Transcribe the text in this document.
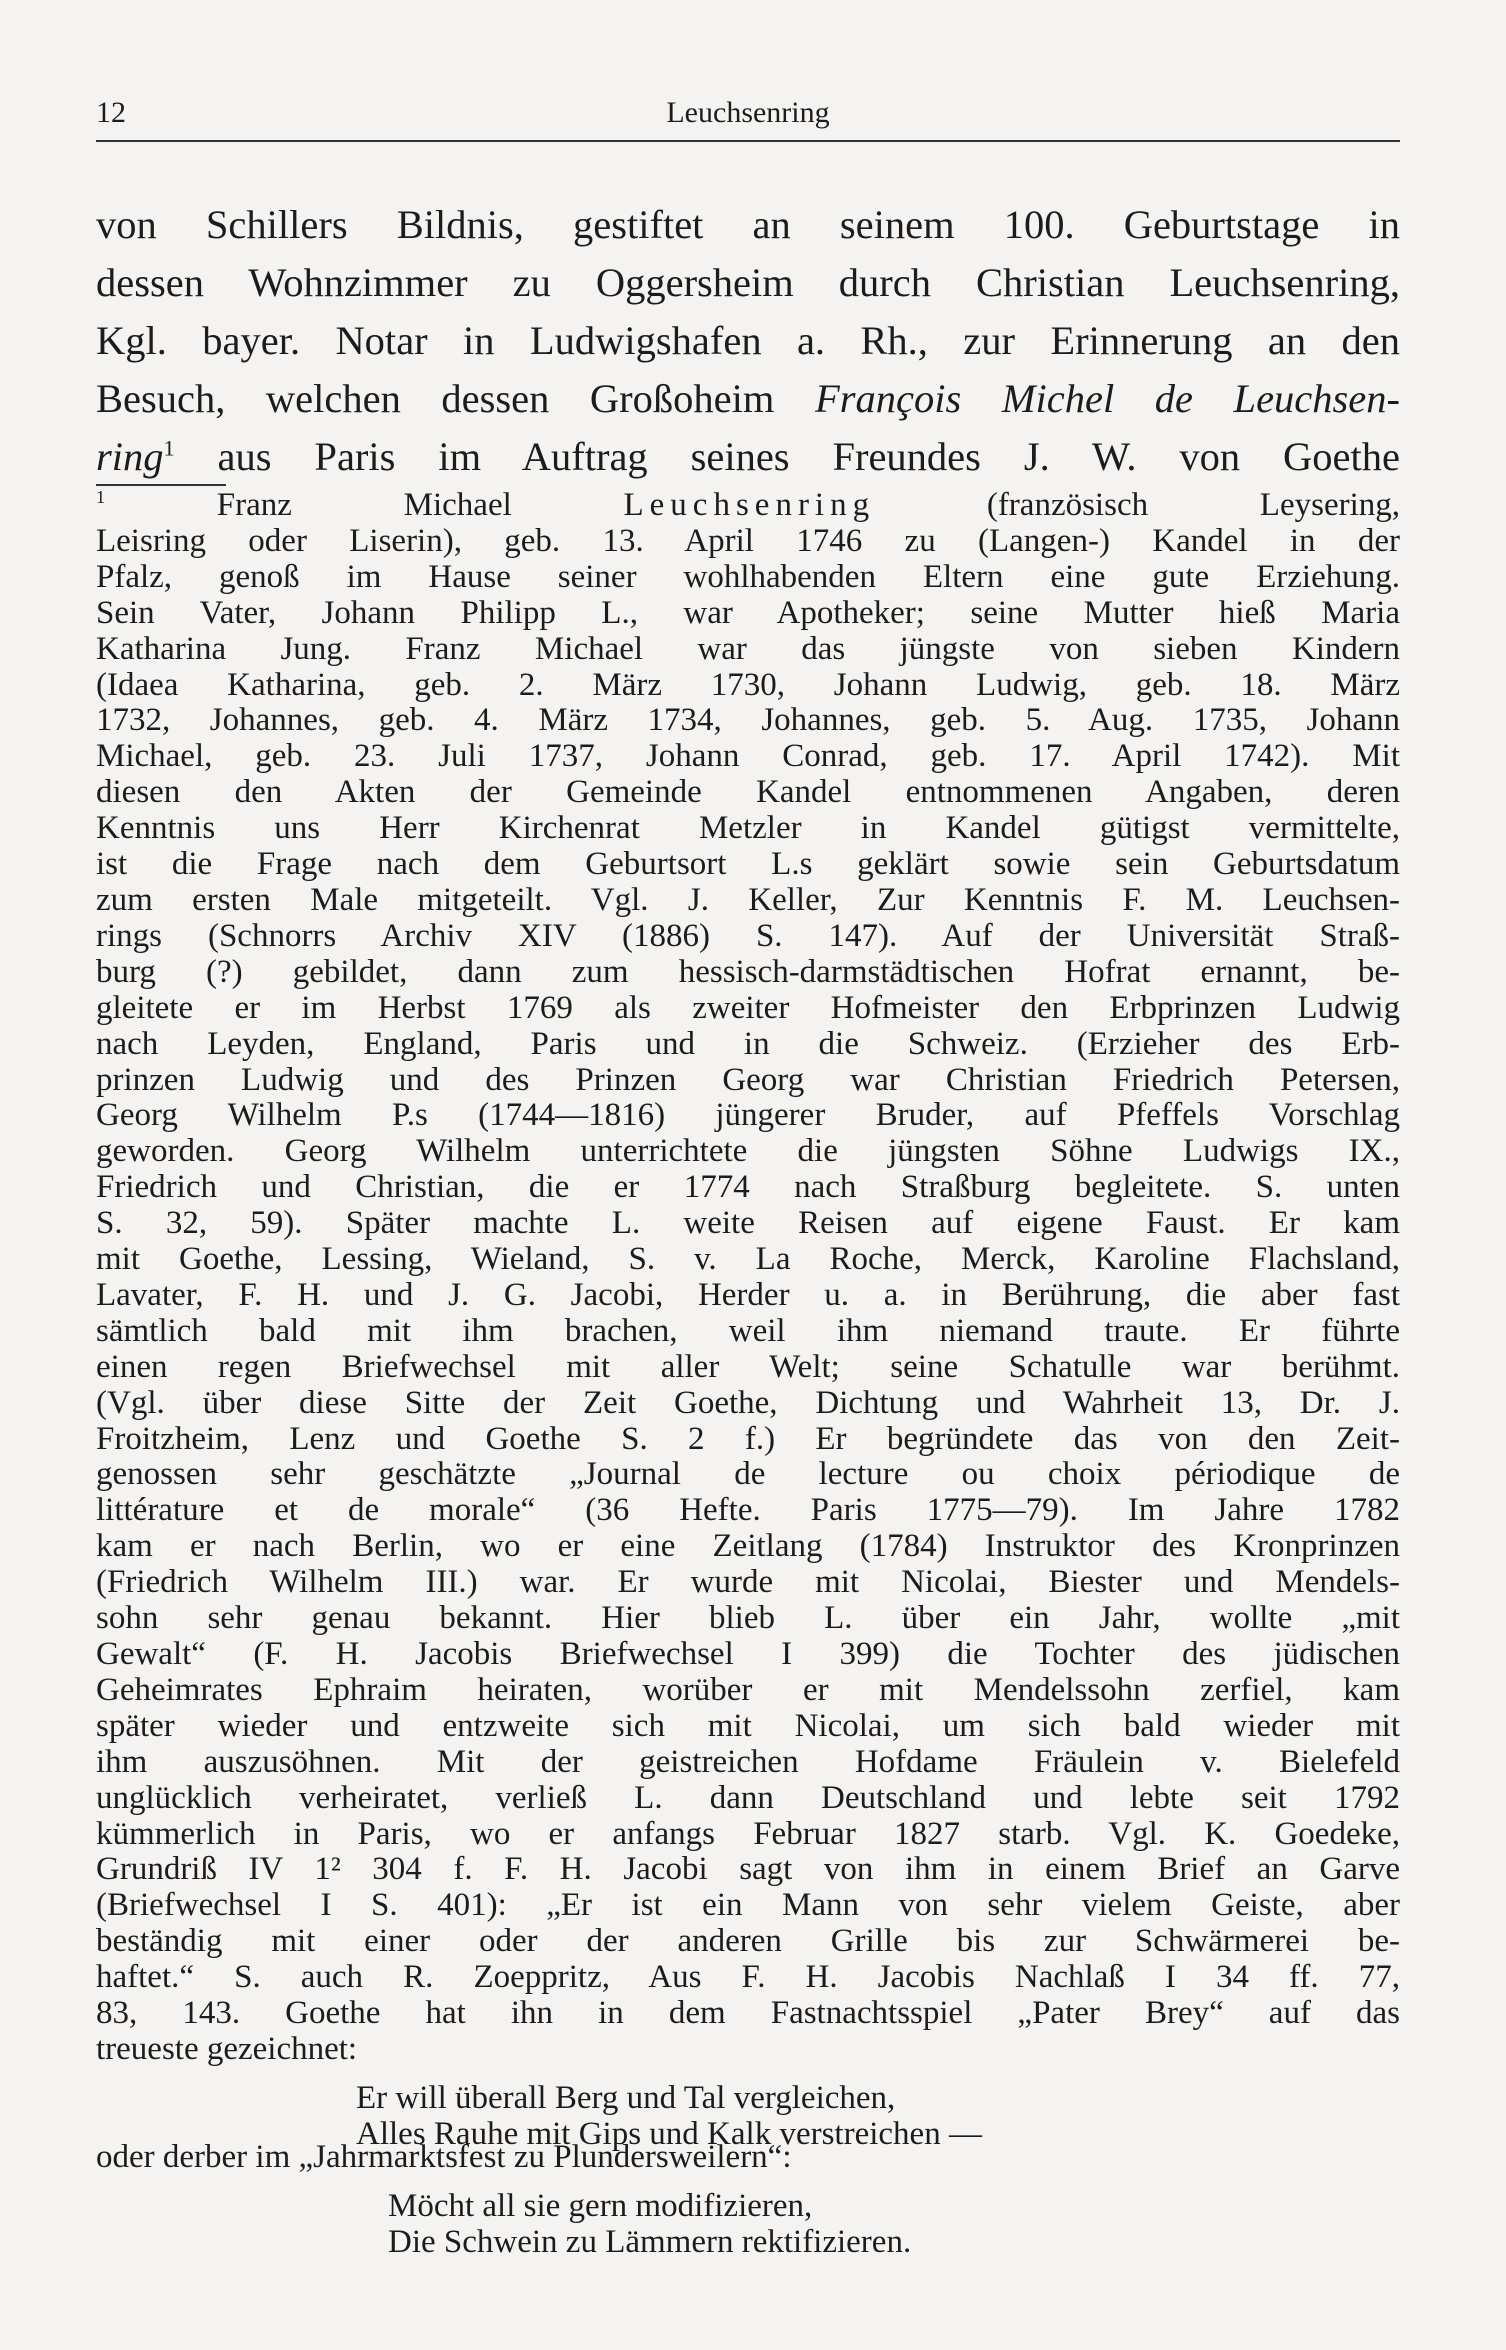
12	Leuchsenring
von Schillers Bildnis, gestiftet an seinem 100. Geburtstage in
dessen Wohnzimmer zu Oggersheim durch Christian Leuchsenring,
Kgl. bayer. Notar in Ludwigshafen a. Rh., zur Erinnerung an den
Besuch, welchen dessen Großoheim François Michel de Leuchsen-
ring$^1$ aus Paris im Auftrag seines Freundes J. W. von Goethe
$^1$	Franz Michael Leuchsenring (französisch Leysering,
Leisring oder Liserin), geb. 13. April 1746 zu (Langen-) Kandel in der
Pfalz, genoß im Hause seiner wohlhabenden Eltern eine gute Erziehung.
Sein Vater, Johann Philipp L., war Apotheker; seine Mutter hieß Maria
Katharina Jung. Franz Michael war das jüngste von sieben Kindern
(Idaea Katharina, geb. 2. März 1730, Johann Ludwig, geb. 18. März
1732, Johannes, geb. 4. März 1734, Johannes, geb. 5. Aug. 1735, Johann
Michael, geb. 23. Juli 1737, Johann Conrad, geb. 17. April 1742). Mit
diesen den Akten der Gemeinde Kandel entnommenen Angaben, deren
Kenntnis uns Herr Kirchenrat Metzler in Kandel gütigst vermittelte,
ist die Frage nach dem Geburtsort L.s geklärt sowie sein Geburtsdatum
zum ersten Male mitgeteilt. Vgl. J. Keller, Zur Kenntnis F. M. Leuchsen-
rings (Schnorrs Archiv XIV (1886) S. 147). Auf der Universität Straß-
burg (?) gebildet, dann zum hessisch-darmstädtischen Hofrat ernannt, be-
gleitete er im Herbst 1769 als zweiter Hofmeister den Erbprinzen Ludwig
nach Leyden, England, Paris und in die Schweiz. (Erzieher des Erb-
prinzen Ludwig und des Prinzen Georg war Christian Friedrich Petersen,
Georg Wilhelm P.s (1744—1816) jüngerer Bruder, auf Pfeffels Vorschlag
geworden. Georg Wilhelm unterrichtete die jüngsten Söhne Ludwigs IX.,
Friedrich und Christian, die er 1774 nach Straßburg begleitete. S. unten
S. 32, 59). Später machte L. weite Reisen auf eigene Faust. Er kam
mit Goethe, Lessing, Wieland, S. v. La Roche, Merck, Karoline Flachsland,
Lavater, F. H. und J. G. Jacobi, Herder u. a. in Berührung, die aber fast
sämtlich bald mit ihm brachen, weil ihm niemand traute. Er führte
einen regen Briefwechsel mit aller Welt; seine Schatulle war berühmt.
(Vgl. über diese Sitte der Zeit Goethe, Dichtung und Wahrheit 13, Dr. J.
Froitzheim, Lenz und Goethe S. 2 f.) Er begründete das von den Zeit-
genossen sehr geschätzte „Journal de lecture ou choix périodique de
littérature et de morale“ (36 Hefte. Paris 1775—79). Im Jahre 1782
kam er nach Berlin, wo er eine Zeitlang (1784) Instruktor des Kronprinzen
(Friedrich Wilhelm III.) war. Er wurde mit Nicolai, Biester und Mendels-
sohn sehr genau bekannt. Hier blieb L. über ein Jahr, wollte „mit
Gewalt“ (F. H. Jacobis Briefwechsel I 399) die Tochter des jüdischen
Geheimrates Ephraim heiraten, worüber er mit Mendelssohn zerfiel, kam
später wieder und entzweite sich mit Nicolai, um sich bald wieder mit
ihm auszusöhnen. Mit der geistreichen Hofdame Fräulein v. Bielefeld
unglücklich verheiratet, verließ L. dann Deutschland und lebte seit 1792
kümmerlich in Paris, wo er anfangs Februar 1827 starb. Vgl. K. Goedeke,
Grundriß IV 1² 304 f. F. H. Jacobi sagt von ihm in einem Brief an Garve
(Briefwechsel I S. 401): „Er ist ein Mann von sehr vielem Geiste, aber
beständig mit einer oder der anderen Grille bis zur Schwärmerei be-
haftet.“ S. auch R. Zoeppritz, Aus F. H. Jacobis Nachlaß I 34 ff. 77,
83, 143. Goethe hat ihn in dem Fastnachtsspiel „Pater Brey“ auf das
treueste gezeichnet:

oder derber im „Jahrmarktsfest zu Plundersweilern“:
Er will überall Berg und Tal vergleichen,
Alles Rauhe mit Gips und Kalk verstreichen —
Möcht all sie gern modifizieren,
Die Schwein zu Lämmern rektifizieren.
